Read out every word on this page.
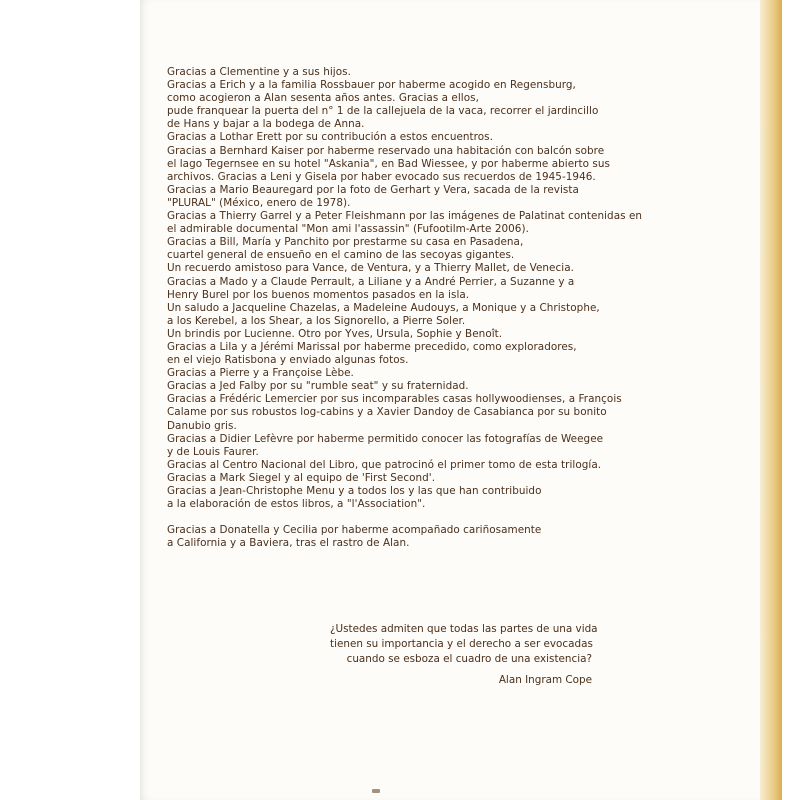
Gracias a Clementine y a sus hijos.
Gracias a Erich y a la familia Rossbauer por haberme acogido en Regensburg,
como acogieron a Alan sesenta años antes. Gracias a ellos,
pude franquear la puerta del n° 1 de la callejuela de la vaca, recorrer el jardincillo
de Hans y bajar a la bodega de Anna.
Gracias a Lothar Erett por su contribución a estos encuentros.
Gracias a Bernhard Kaiser por haberme reservado una habitación con balcón sobre
el lago Tegernsee en su hotel "Askania", en Bad Wiessee, y por haberme abierto sus
archivos. Gracias a Leni y Gisela por haber evocado sus recuerdos de 1945-1946.
Gracias a Mario Beauregard por la foto de Gerhart y Vera, sacada de la revista
"PLURAL" (México, enero de 1978).
Gracias a Thierry Garrel y a Peter Fleishmann por las imágenes de Palatinat contenidas en
el admirable documental "Mon ami l'assassin" (Fufootilm-Arte 2006).
Gracias a Bill, María y Panchito por prestarme su casa en Pasadena,
cuartel general de ensueño en el camino de las secoyas gigantes.
Un recuerdo amistoso para Vance, de Ventura, y a Thierry Mallet, de Venecia.
Gracias a Mado y a Claude Perrault, a Liliane y a André Perrier, a Suzanne y a
Henry Burel por los buenos momentos pasados en la isla.
Un saludo a Jacqueline Chazelas, a Madeleine Audouys, a Monique y a Christophe,
a los Kerebel, a los Shear, a los Signorello, a Pierre Soler.
Un brindis por Lucienne. Otro por Yves, Ursula, Sophie y Benoît.
Gracias a Lila y a Jérémi Marissal por haberme precedido, como exploradores,
en el viejo Ratisbona y enviado algunas fotos.
Gracias a Pierre y a Françoise Lèbe.
Gracias a Jed Falby por su "rumble seat" y su fraternidad.
Gracias a Frédéric Lemercier por sus incomparables casas hollywoodienses, a François
Calame por sus robustos log-cabins y a Xavier Dandoy de Casabianca por su bonito
Danubio gris.
Gracias a Didier Lefèvre por haberme permitido conocer las fotografías de Weegee
y de Louis Faurer.
Gracias al Centro Nacional del Libro, que patrocinó el primer tomo de esta trilogía.
Gracias a Mark Siegel y al equipo de 'First Second'.
Gracias a Jean-Christophe Menu y a todos los y las que han contribuido
a la elaboración de estos libros, a "l'Association".
Gracias a Donatella y Cecilia por haberme acompañado cariñosamente
a California y a Baviera, tras el rastro de Alan.
¿Ustedes admiten que todas las partes de una vida
tienen su importancia y el derecho a ser evocadas
cuando se esboza el cuadro de una existencia?
Alan Ingram Cope
